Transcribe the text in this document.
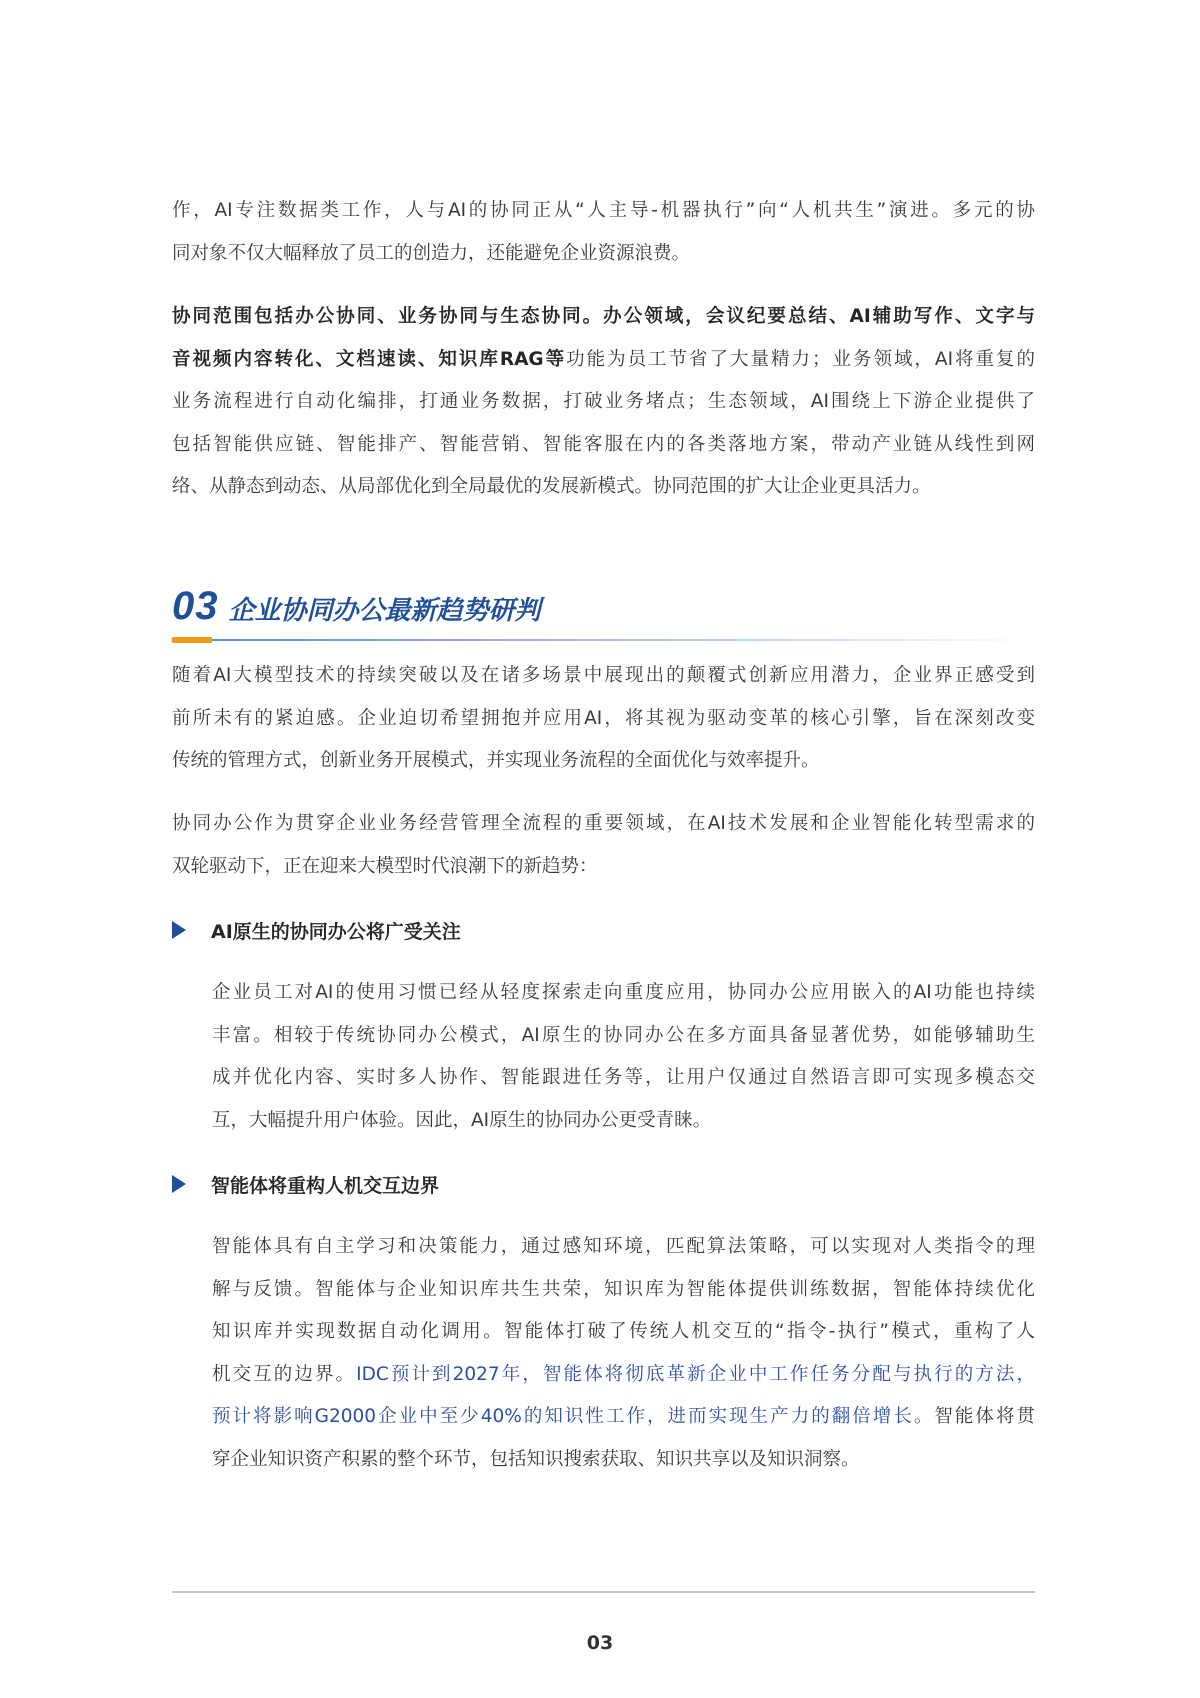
作，AI专注数据类工作，人与AI的协同正从“人主导-机器执行”向“人机共生”演进。多元的协
同对象不仅大幅释放了员工的创造力，还能避免企业资源浪费。
协同范围包括办公协同、业务协同与生态协同。办公领域，会议纪要总结、AI辅助写作、文字与
音视频内容转化、文档速读、知识库RAG等功能为员工节省了大量精力；业务领域，AI将重复的
业务流程进行自动化编排，打通业务数据，打破业务堵点；生态领域，AI围绕上下游企业提供了
包括智能供应链、智能排产、智能营销、智能客服在内的各类落地方案，带动产业链从线性到网
络、从静态到动态、从局部优化到全局最优的发展新模式。协同范围的扩大让企业更具活力。
03 企业协同办公最新趋势研判
随着AI大模型技术的持续突破以及在诸多场景中展现出的颠覆式创新应用潜力，企业界正感受到
前所未有的紧迫感。企业迫切希望拥抱并应用AI，将其视为驱动变革的核心引擎，旨在深刻改变
传统的管理方式，创新业务开展模式，并实现业务流程的全面优化与效率提升。
协同办公作为贯穿企业业务经营管理全流程的重要领域，在AI技术发展和企业智能化转型需求的
双轮驱动下，正在迎来大模型时代浪潮下的新趋势：
AI原生的协同办公将广受关注
企业员工对AI的使用习惯已经从轻度探索走向重度应用，协同办公应用嵌入的AI功能也持续
丰富。相较于传统协同办公模式，AI原生的协同办公在多方面具备显著优势，如能够辅助生
成并优化内容、实时多人协作、智能跟进任务等，让用户仅通过自然语言即可实现多模态交
互，大幅提升用户体验。因此，AI原生的协同办公更受青睐。
智能体将重构人机交互边界
智能体具有自主学习和决策能力，通过感知环境，匹配算法策略，可以实现对人类指令的理
解与反馈。智能体与企业知识库共生共荣，知识库为智能体提供训练数据，智能体持续优化
知识库并实现数据自动化调用。智能体打破了传统人机交互的“指令-执行”模式，重构了人
机交互的边界。IDC预计到2027年，智能体将彻底革新企业中工作任务分配与执行的方法，
预计将影响G2000企业中至少40%的知识性工作，进而实现生产力的翻倍增长。智能体将贯
穿企业知识资产积累的整个环节，包括知识搜索获取、知识共享以及知识洞察。
03
